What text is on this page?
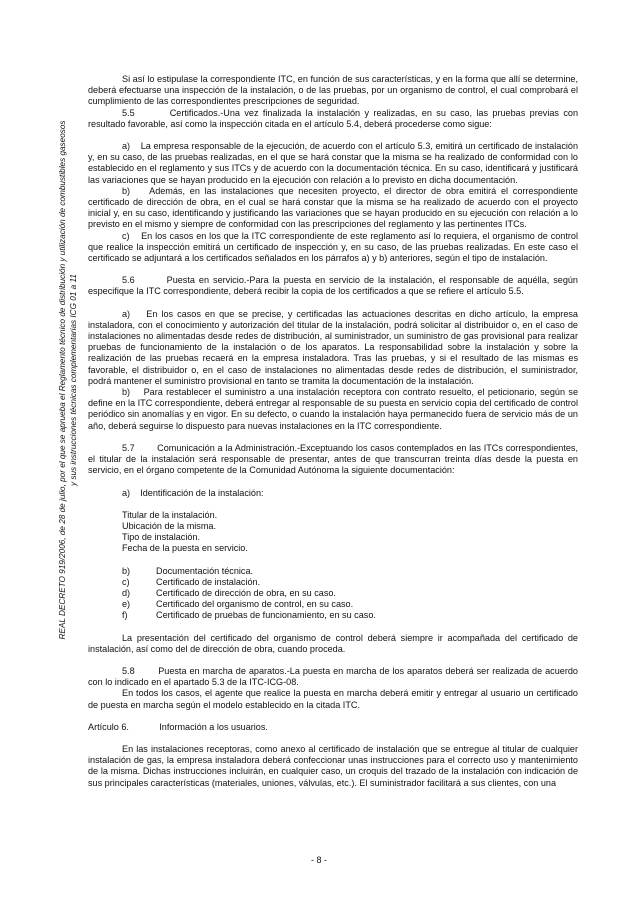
REAL DECRETO 919/2006, de 28 de julio, por el que se aprueba el Reglamento técnico de distribución y utilización de combustibles gaseosos y sus instrucciones técnicas complementarias ICG 01 a 11

Si así lo estipulase la correspondiente ITC, en función de sus características, y en la forma que allí se determine, deberá efectuarse una inspección de la instalación, o de las pruebas, por un organismo de control, el cual comprobará el cumplimiento de las correspondientes prescripciones de seguridad.

5.5        Certificados.-Una vez finalizada la instalación y realizadas, en su caso, las pruebas previas con resultado favorable, así como la inspección citada en el artículo 5.4, deberá procederse como sigue:

a)    La empresa responsable de la ejecución, de acuerdo con el artículo 5.3, emitirá un certificado de instalación y, en su caso, de las pruebas realizadas, en el que se hará constar que la misma se ha realizado de conformidad con lo establecido en el reglamento y sus ITCs y de acuerdo con la documentación técnica. En su caso, identificará y justificará las variaciones que se hayan producido en la ejecución con relación a lo previsto en dicha documentación.

b)    Además, en las instalaciones que necesiten proyecto, el director de obra emitirá el correspondiente certificado de dirección de obra, en el cual se hará constar que la misma se ha realizado de acuerdo con el proyecto inicial y, en su caso, identificando y justificando las variaciones que se hayan producido en su ejecución con relación a lo previsto en el mismo y siempre de conformidad con las prescripciones del reglamento y las pertinentes ITCs.

c)    En los casos en los que la ITC correspondiente de este reglamento así lo requiera, el organismo de control que realice la inspección emitirá un certificado de inspección y, en su caso, de las pruebas realizadas. En este caso el certificado se adjuntará a los certificados señalados en los párrafos a) y b) anteriores, según el tipo de instalación.

5.6        Puesta en servicio.-Para la puesta en servicio de la instalación, el responsable de aquélla, según especifique la ITC correspondiente, deberá recibir la copia de los certificados a que se refiere el artículo 5.5.

a)    En los casos en que se precise, y certificadas las actuaciones descritas en dicho artículo, la empresa instaladora, con el conocimiento y autorización del titular de la instalación, podrá solicitar al distribuidor o, en el caso de instalaciones no alimentadas desde redes de distribución, al suministrador, un suministro de gas provisional para realizar pruebas de funcionamiento de la instalación o de los aparatos. La responsabilidad sobre la instalación y sobre la realización de las pruebas recaerá en la empresa instaladora. Tras las pruebas, y si el resultado de las mismas es favorable, el distribuidor o, en el caso de instalaciones no alimentadas desde redes de distribución, el suministrador, podrá mantener el suministro provisional en tanto se tramita la documentación de la instalación.

b)    Para restablecer el suministro a una instalación receptora con contrato resuelto, el peticionario, según se define en la ITC correspondiente, deberá entregar al responsable de su puesta en servicio copia del certificado de control periódico sin anomalías y en vigor. En su defecto, o cuando la instalación haya permanecido fuera de servicio más de un año, deberá seguirse lo dispuesto para nuevas instalaciones en la ITC correspondiente.

5.7        Comunicación a la Administración.-Exceptuando los casos contemplados en las ITCs correspondientes, el titular de la instalación será responsable de presentar, antes de que transcurran treinta días desde la puesta en servicio, en el órgano competente de la Comunidad Autónoma la siguiente documentación:

a)    Identificación de la instalación:

Titular de la instalación.
Ubicación de la misma.
Tipo de instalación.
Fecha de la puesta en servicio.
b)	Documentación técnica.
c)	Certificado de instalación.
d)	Certificado de dirección de obra, en su caso.
e)	Certificado del organismo de control, en su caso.
f)	Certificado de pruebas de funcionamiento, en su caso.

La presentación del certificado del organismo de control deberá siempre ir acompañada del certificado de instalación, así como del de dirección de obra, cuando proceda.

5.8        Puesta en marcha de aparatos.-La puesta en marcha de los aparatos deberá ser realizada de acuerdo con lo indicado en el apartado 5.3 de la ITC-ICG-08.

En todos los casos, el agente que realice la puesta en marcha deberá emitir y entregar al usuario un certificado de puesta en marcha según el modelo establecido en la citada ITC.

Artículo 6.            Información a los usuarios.

En las instalaciones receptoras, como anexo al certificado de instalación que se entregue al titular de cualquier instalación de gas, la empresa instaladora deberá confeccionar unas instrucciones para el correcto uso y mantenimiento de la misma. Dichas instrucciones incluirán, en cualquier caso, un croquis del trazado de la instalación con indicación de sus principales características (materiales, uniones, válvulas, etc.). El suministrador facilitará a sus clientes, con una

- 8 -
